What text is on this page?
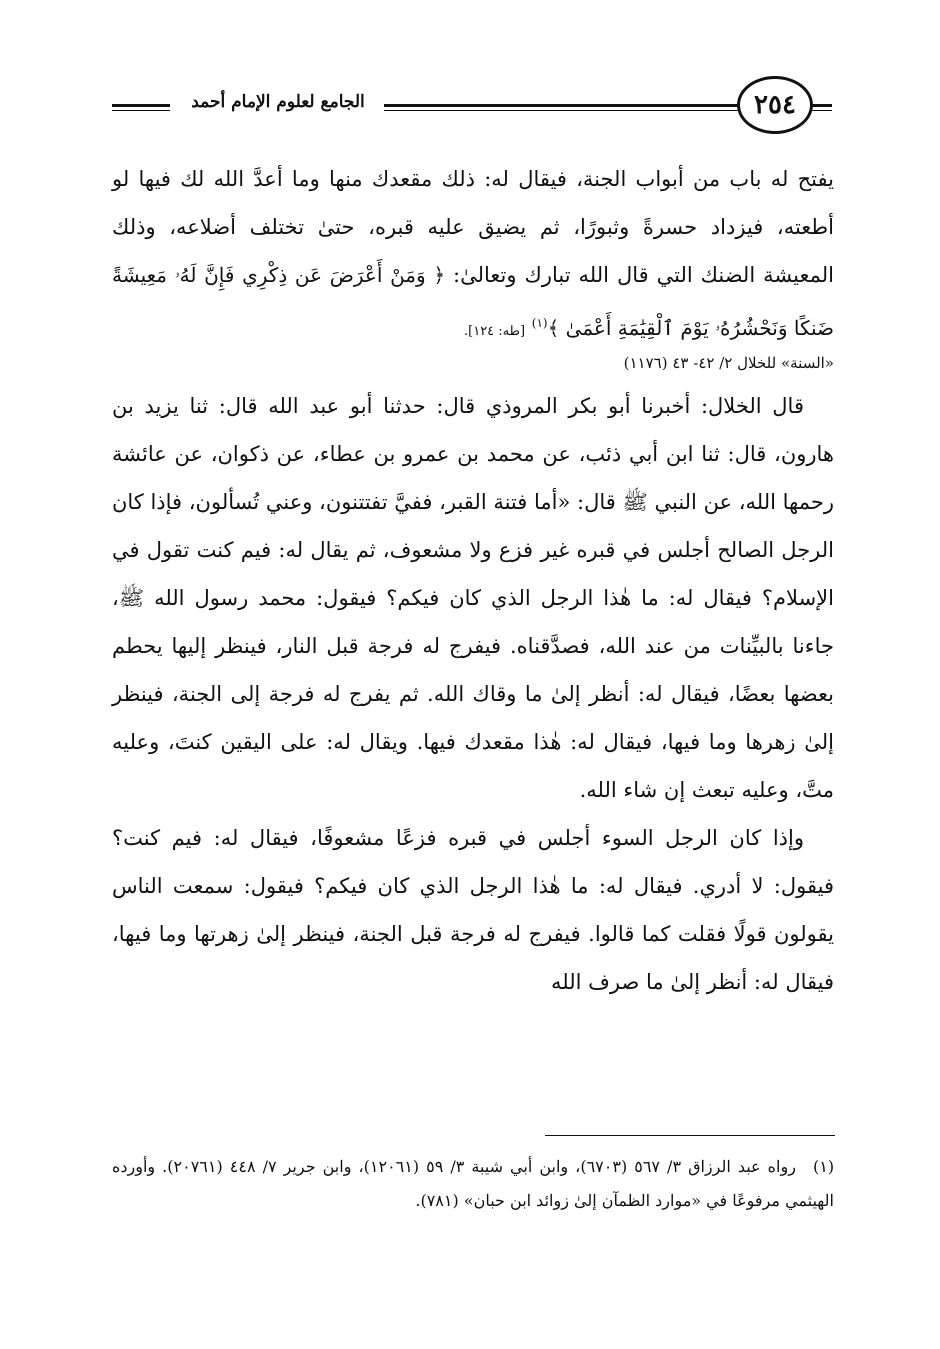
الجامع لعلوم الإمام أحمد	٢٥٤

يفتح له باب من أبواب الجنة، فيقال له: ذلك مقعدك منها وما أعدَّ الله لك فيها لو أطعته، فيزداد حسرةً وثبورًا، ثم يضيق عليه قبره، حتىٰ تختلف أضلاعه، وذلك المعيشة الضنك التي قال الله تبارك وتعالىٰ: ﴿ وَمَنْ أَعْرَضَ عَن ذِكْرِي فَإِنَّ لَهُۥ مَعِيشَةً ضَنكًا وَنَحْشُرُهُۥ يَوْمَ ٱلْقِيَٰمَةِ أَعْمَىٰ ﴾$^{(١)}$ [طه: ١٢٤].

«السنة» للخلال ٢/ ٤٢- ٤٣ (١١٧٦)

قال الخلال: أخبرنا أبو بكر المروذي قال: حدثنا أبو عبد الله قال: ثنا يزيد بن هارون، قال: ثنا ابن أبي ذئب، عن محمد بن عمرو بن عطاء، عن ذكوان، عن عائشة رحمها الله، عن النبي ﷺ قال: «أما فتنة القبر، ففيَّ تفتتنون، وعني تُسألون، فإذا كان الرجل الصالح أجلس في قبره غير فزع ولا مشعوف، ثم يقال له: فيم كنت تقول في الإسلام؟ فيقال له: ما هٰذا الرجل الذي كان فيكم؟ فيقول: محمد رسول الله ﷺ، جاءنا بالبيِّنات من عند الله، فصدَّقناه. فيفرج له فرجة قبل النار، فينظر إليها يحطم بعضها بعضًا، فيقال له: أنظر إلىٰ ما وقاك الله. ثم يفرج له فرجة إلى الجنة، فينظر إلىٰ زهرها وما فيها، فيقال له: هٰذا مقعدك فيها. ويقال له: على اليقين كنتَ، وعليه متَّ، وعليه تبعث إن شاء الله.

وإذا كان الرجل السوء أجلس في قبره فزعًا مشعوفًا، فيقال له: فيم كنت؟ فيقول: لا أدري. فيقال له: ما هٰذا الرجل الذي كان فيكم؟ فيقول: سمعت الناس يقولون قولًا فقلت كما قالوا. فيفرج له فرجة قبل الجنة، فينظر إلىٰ زهرتها وما فيها، فيقال له: أنظر إلىٰ ما صرف الله

(١) رواه عبد الرزاق ٣/ ٥٦٧ (٦٧٠٣)، وابن أبي شيبة ٣/ ٥٩ (١٢٠٦١)، وابن جرير ٧/ ٤٤٨ (٢٠٧٦١). وأورده الهيثمي مرفوعًا في «موارد الظمآن إلىٰ زوائد ابن حبان» (٧٨١).
